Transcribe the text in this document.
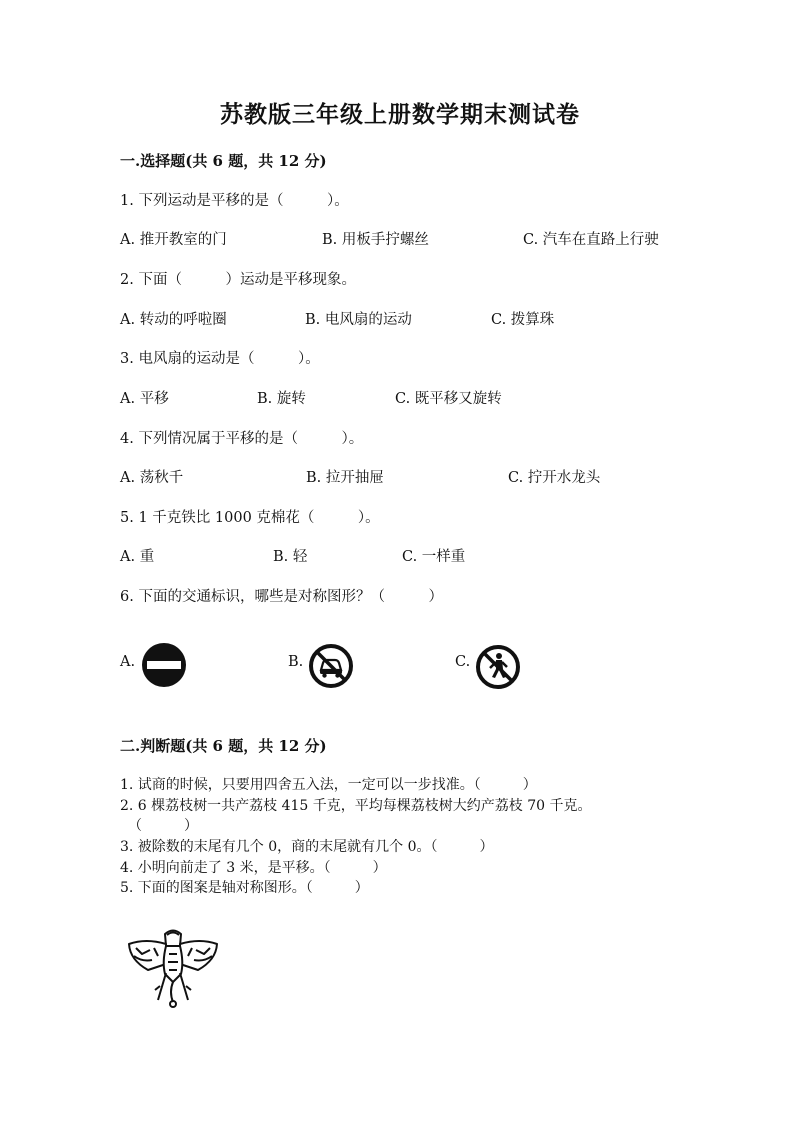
苏教版三年级上册数学期末测试卷
一.选择题(共 6 题，共 12 分)
1. 下列运动是平移的是（　　　）。
A. 推开教室的门	B. 用板手拧螺丝	C. 汽车在直路上行驶
2. 下面（　　　）运动是平移现象。
A. 转动的呼啦圈	B. 电风扇的运动	C. 拨算珠
3. 电风扇的运动是（　　　）。
A. 平移	B. 旋转	C. 既平移又旋转
4. 下列情况属于平移的是（　　　）。
A. 荡秋千	B. 拉开抽屉	C. 拧开水龙头
5. 1 千克铁比 1000 克棉花（　　　）。
A. 重	B. 轻	C. 一样重
6. 下面的交通标识，哪些是对称图形？（　　　）
A.	B.	C.
二.判断题(共 6 题，共 12 分)
1. 试商的时候，只要用四舍五入法，一定可以一步找准。（　　　）
2. 6 棵荔枝树一共产荔枝 415 千克，平均每棵荔枝树大约产荔枝 70 千克。
（　　　）
3. 被除数的末尾有几个 0，商的末尾就有几个 0。（　　　）
4. 小明向前走了 3 米，是平移。（　　　）
5. 下面的图案是轴对称图形。（　　　）
